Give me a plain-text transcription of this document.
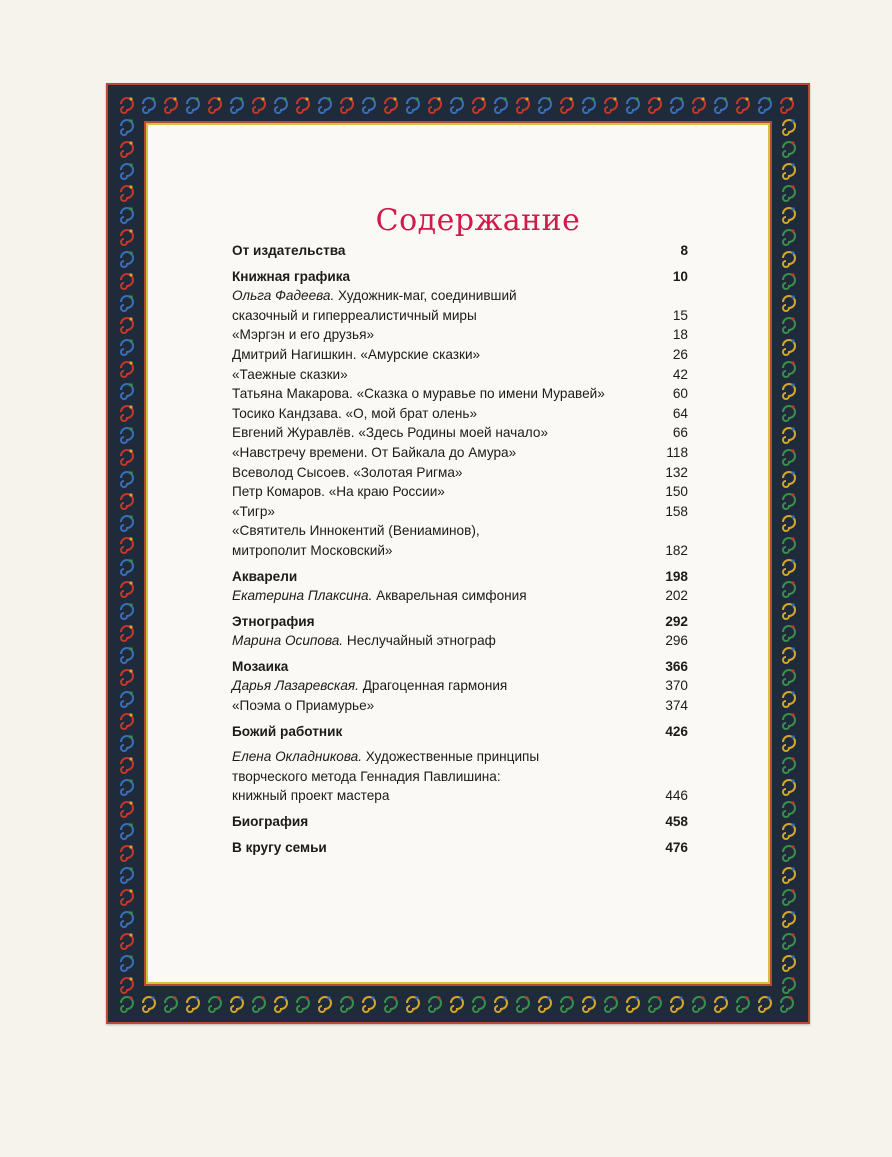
Содержание
От издательства	8
Книжная графика	10
Ольга Фадеева. Художник-маг, соединивший
сказочный и гиперреалистичный миры	15
«Мэргэн и его друзья»	18
Дмитрий Нагишкин. «Амурские сказки»	26
«Таежные сказки»	42
Татьяна Макарова. «Сказка о муравье по имени Муравей»	60
Тосико Кандзава. «О, мой брат олень»	64
Евгений Журавлёв. «Здесь Родины моей начало»	66
«Навстречу времени. От Байкала до Амура»	118
Всеволод Сысоев. «Золотая Ригма»	132
Петр Комаров. «На краю России»	150
«Тигр»	158
«Святитель Иннокентий (Вениаминов),
митрополит Московский»	182
Акварели	198
Екатерина Плаксина. Акварельная симфония	202
Этнография	292
Марина Осипова. Неслучайный этнограф	296
Мозаика	366
Дарья Лазаревская. Драгоценная гармония	370
«Поэма о Приамурье»	374
Божий работник	426
Елена Окладникова. Художественные принципы
творческого метода Геннадия Павлишина:
книжный проект мастера	446
Биография	458
В кругу семьи	476
